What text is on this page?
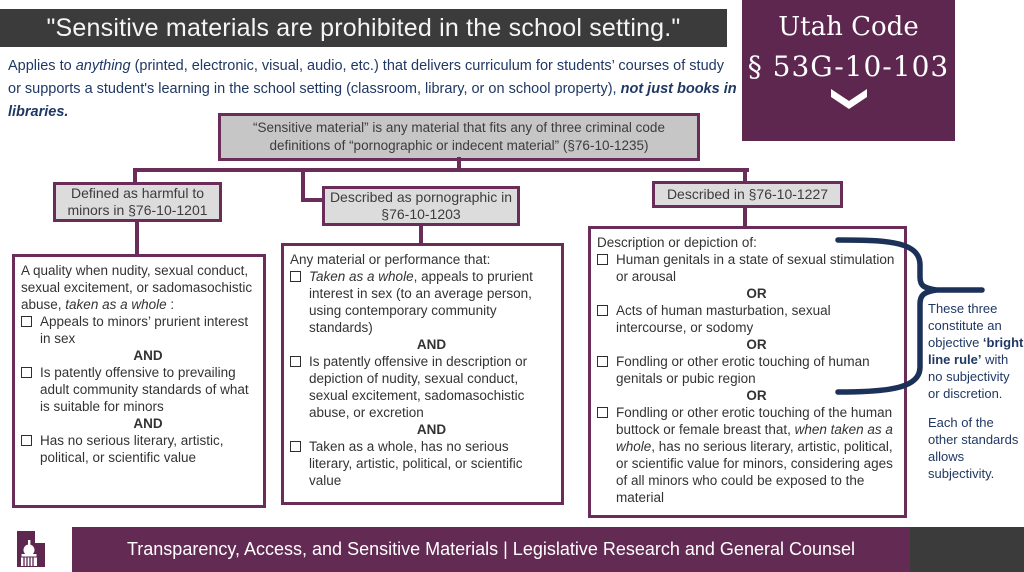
"Sensitive materials are prohibited in the school setting."	Utah Code
§ 53G-10-103
Applies to anything (printed, electronic, visual, audio, etc.) that delivers curriculum for students’ courses of study or supports a student's learning in the school setting (classroom, library, or on school property), not just books in libraries.
“Sensitive material” is any material that fits any of three criminal code definitions of “pornographic or indecent material” (§76-10-1235)
Defined as harmful to minors in §76-10-1201
Described as pornographic in §76-10-1203
Described in §76-10-1227
A quality when nudity, sexual conduct, sexual excitement, or sadomasochistic abuse, taken as a whole :
Appeals to minors’ prurient interest in sex
AND
Is patently offensive to prevailing adult community standards of what is suitable for minors
AND
Has no serious literary, artistic, political, or scientific value
Any material or performance that:
Taken as a whole, appeals to prurient interest in sex (to an average person, using contemporary community standards)
AND
Is patently offensive in description or depiction of nudity, sexual conduct, sexual excitement, sadomasochistic abuse, or excretion
AND
Taken as a whole, has no serious literary, artistic, political, or scientific value
Description or depiction of:
Human genitals in a state of sexual stimulation or arousal
OR
Acts of human masturbation, sexual intercourse, or sodomy
OR
Fondling or other erotic touching of human genitals or pubic region
OR
Fondling or other erotic touching of the human buttock or female breast that, when taken as a whole, has no serious literary, artistic, political, or scientific value for minors, considering ages of all minors who could be exposed to the material
These three constitute an objective ‘bright line rule’ with no subjectivity or discretion.
Each of the other standards allows subjectivity.
Transparency, Access, and Sensitive Materials | Legislative Research and General Counsel
